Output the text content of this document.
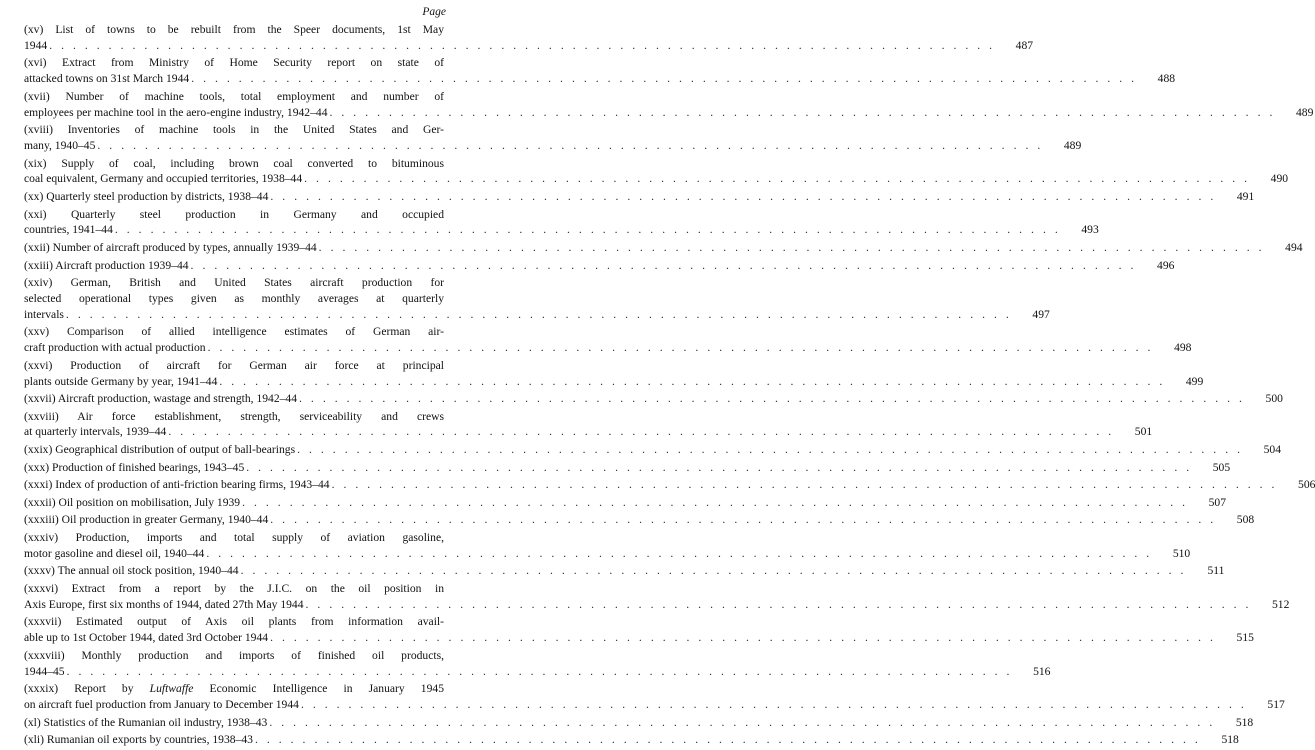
Page
(xv) List of towns to be rebuilt from the Speer documents, 1st May
1944 ................................................................................	487
(xvi) Extract from Ministry of Home Security report on state of
attacked towns on 31st March 1944 ................................................................................	488
(xvii) Number of machine tools, total employment and number of
employees per machine tool in the aero-engine industry, 1942–44 ................................................................................	489
(xviii) Inventories of machine tools in the United States and Ger-
many, 1940–45 ................................................................................	489
(xix) Supply of coal, including brown coal converted to bituminous
coal equivalent, Germany and occupied territories, 1938–44 ................................................................................	490
(xx) Quarterly steel production by districts, 1938–44 ................................................................................	491
(xxi) Quarterly steel production in Germany and occupied
countries, 1941–44 ................................................................................	493
(xxii) Number of aircraft produced by types, annually 1939–44 ................................................................................	494
(xxiii) Aircraft production 1939–44 ................................................................................	496
(xxiv) German, British and United States aircraft production for
selected operational types given as monthly averages at quarterly
intervals ................................................................................	497
(xxv) Comparison of allied intelligence estimates of German air-
craft production with actual production ................................................................................	498
(xxvi) Production of aircraft for German air force at principal
plants outside Germany by year, 1941–44 ................................................................................	499
(xxvii) Aircraft production, wastage and strength, 1942–44 ................................................................................	500
(xxviii) Air force establishment, strength, serviceability and crews
at quarterly intervals, 1939–44 ................................................................................	501
(xxix) Geographical distribution of output of ball-bearings ................................................................................	504
(xxx) Production of finished bearings, 1943–45 ................................................................................	505
(xxxi) Index of production of anti-friction bearing firms, 1943–44 ................................................................................	506
(xxxii) Oil position on mobilisation, July 1939 ................................................................................	507
(xxxiii) Oil production in greater Germany, 1940–44 ................................................................................	508
(xxxiv) Production, imports and total supply of aviation gasoline,
motor gasoline and diesel oil, 1940–44 ................................................................................	510
(xxxv) The annual oil stock position, 1940–44 ................................................................................	511
(xxxvi) Extract from a report by the J.I.C. on the oil position in
Axis Europe, first six months of 1944, dated 27th May 1944 ................................................................................	512
(xxxvii) Estimated output of Axis oil plants from information avail-
able up to 1st October 1944, dated 3rd October 1944 ................................................................................	515
(xxxviii) Monthly production and imports of finished oil products,
1944–45 ................................................................................	516
(xxxix) Report by Luftwaffe Economic Intelligence in January 1945
on aircraft fuel production from January to December 1944 ................................................................................	517
(xl) Statistics of the Rumanian oil industry, 1938–43 ................................................................................	518
(xli) Rumanian oil exports by countries, 1938–43 ................................................................................	518
